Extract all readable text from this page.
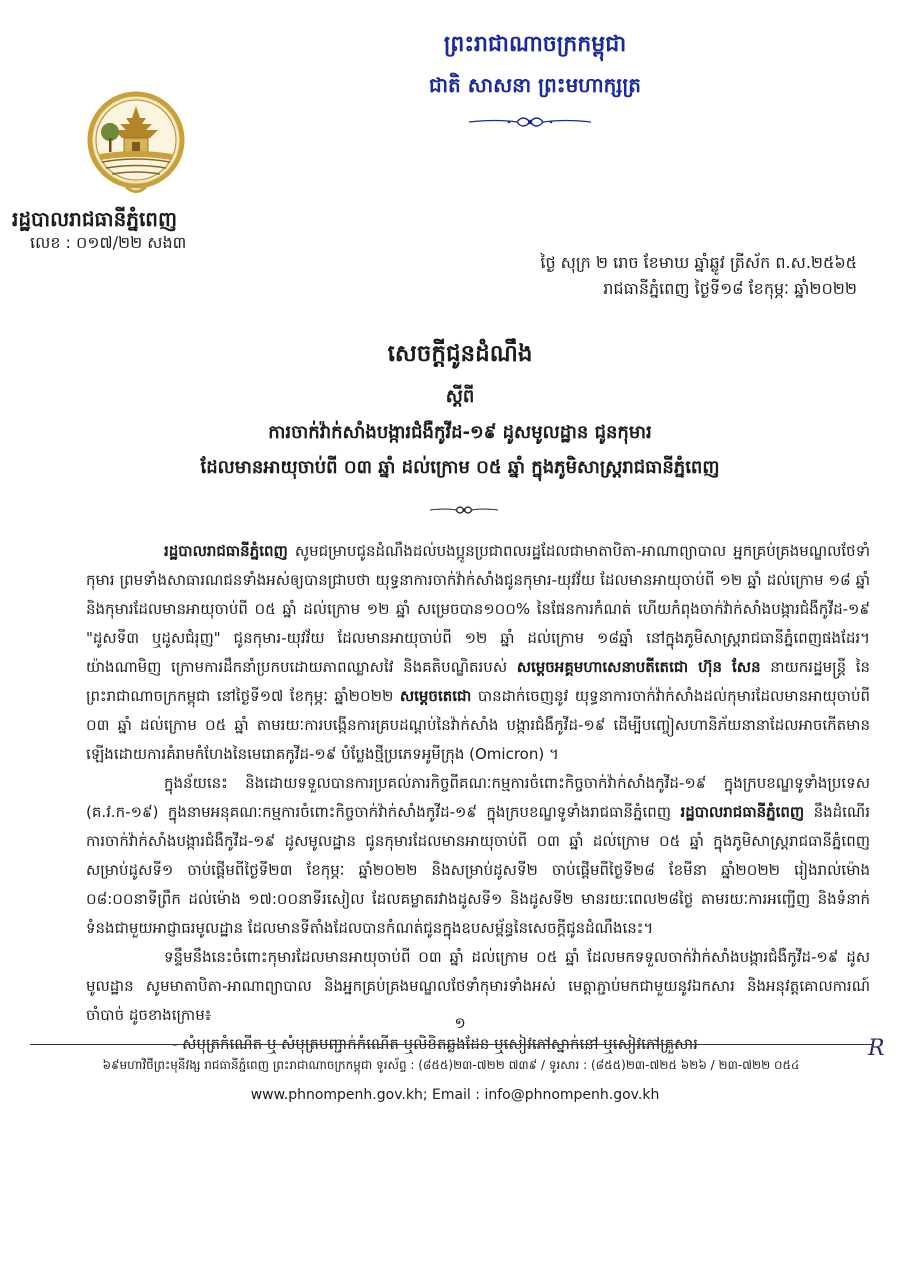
ព្រះរាជាណាចក្រកម្ពុជា
ជាតិ សាសនា ព្រះមហាក្សត្រ
រដ្ឋបាលរាជធានីភ្នំពេញ
លេខ : ០១៧/២២ សង៣
ថ្ងៃ សុក្រ ២ រោច ខែមាឃ ឆ្នាំឆ្លូវ ត្រីស័ក ព.ស.២៥៦៥
រាជធានីភ្នំពេញ ថ្ងៃទី១៨ ខែកុម្ភៈ ឆ្នាំ២០២២
សេចក្តីជូនដំណឹង
ស្តីពី
ការចាក់វ៉ាក់សាំងបង្ការជំងឺកូវីដ-១៩ ដូសមូលដ្ឋាន ជូនកុមារ
ដែលមានអាយុចាប់ពី ០៣ ឆ្នាំ ដល់ក្រោម ០៥ ឆ្នាំ ក្នុងភូមិសាស្ត្ររាជធានីភ្នំពេញ

រដ្ឋបាលរាជធានីភ្នំពេញ សូមជម្រាបជូនដំណឹងដល់បងប្អូនប្រជាពលរដ្ឋដែលជាមាតាបិតា-អាណាព្យាបាល អ្នកគ្រប់គ្រងមណ្ឌលថែទាំកុមារ ព្រមទាំងសាធារណជនទាំងអស់ឲ្យបានជ្រាបថា យុទ្ធនាការចាក់វ៉ាក់សាំងជូនកុមារ-យុវវ័យ ដែលមានអាយុចាប់ពី ១២ ឆ្នាំ ដល់ក្រោម ១៨ ឆ្នាំ និងកុមារដែលមានអាយុចាប់ពី ០៥ ឆ្នាំ ដល់ក្រោម ១២ ឆ្នាំ សម្រេចបាន១០០% នៃផែនការកំណត់ ហើយកំពុងចាក់វ៉ាក់សាំងបង្ការជំងឺកូវីដ-១៩ "ដូសទី៣ ឬដូសជំរុញ" ជូនកុមារ-យុវវ័យ ដែលមានអាយុចាប់ពី ១២ ឆ្នាំ ដល់ក្រោម ១៨ឆ្នាំ នៅក្នុងភូមិសាស្ត្ររាជធានីភ្នំពេញផងដែរ។ យ៉ាងណាមិញ ក្រោមការដឹកនាំប្រកបដោយភាពឈ្លាសវៃ និងគតិបណ្ឌិតរបស់ សម្តេចអគ្គមហាសេនាបតីតេជោ ហ៊ុន សែន នាយករដ្ឋមន្ត្រី នៃព្រះរាជាណាចក្រកម្ពុជា នៅថ្ងៃទី១៧ ខែកុម្ភៈ ឆ្នាំ២០២២ សម្តេចតេជោ បានដាក់ចេញនូវ យុទ្ធនាការចាក់វ៉ាក់សាំងដល់កុមារដែលមានអាយុចាប់ពី ០៣ ឆ្នាំ ដល់ក្រោម ០៥ ឆ្នាំ តាមរយៈការបង្កើនការគ្របដណ្តប់នៃវ៉ាក់សាំង បង្ការជំងឺកូវីដ-១៩ ដើម្បីបញ្ចៀសហានិភ័យនានាដែលអាចកើតមានឡើងដោយការគំរាមកំហែងនៃមេរោគកូវីដ-១៩ បំប្លែងថ្មីប្រភេទអូមីក្រុង (Omicron) ។

ក្នុងន័យនេះ និងដោយទទួលបានការប្រគល់ភារកិច្ចពីគណៈកម្មការចំពោះកិច្ចចាក់វ៉ាក់សាំងកូវីដ-១៩ ក្នុងក្របខណ្ឌទូទាំងប្រទេស (គ.វ.ក-១៩) ក្នុងនាមអនុគណៈកម្មការចំពោះកិច្ចចាក់វ៉ាក់សាំងកូវីដ-១៩ ក្នុងក្របខណ្ឌទូទាំងរាជធានីភ្នំពេញ រដ្ឋបាលរាជធានីភ្នំពេញ នឹងដំណើរការចាក់វ៉ាក់សាំងបង្ការជំងឺកូវីដ-១៩ ដូសមូលដ្ឋាន ជូនកុមារដែលមានអាយុចាប់ពី ០៣ ឆ្នាំ ដល់ក្រោម ០៥ ឆ្នាំ ក្នុងភូមិសាស្ត្ររាជធានីភ្នំពេញ សម្រាប់ដូសទី១ ចាប់ផ្តើមពីថ្ងៃទី២៣ ខែកុម្ភៈ ឆ្នាំ២០២២ និងសម្រាប់ដូសទី២ ចាប់ផ្តើមពីថ្ងៃទី២៨ ខែមីនា ឆ្នាំ២០២២ រៀងរាល់ម៉ោង ០៨:០០នាទីព្រឹក ដល់ម៉ោង ១៧:០០នាទីរសៀល ដែលគម្លាតរវាងដូសទី១ និងដូសទី២ មានរយៈពេល២៨ថ្ងៃ តាមរយៈការអញ្ជើញ និងទំនាក់ទំនងជាមួយអាជ្ញាធរមូលដ្ឋាន ដែលមានទីតាំងដែលបានកំណត់ជូនក្នុងឧបសម្ព័ន្ធនៃសេចក្តីជូនដំណឹងនេះ។

ទន្ទឹមនឹងនេះចំពោះកុមារដែលមានអាយុចាប់ពី ០៣ ឆ្នាំ ដល់ក្រោម ០៥ ឆ្នាំ ដែលមកទទួលចាក់វ៉ាក់សាំងបង្ការជំងឺកូវីដ-១៩ ដូសមូលដ្ឋាន សូមមាតាបិតា-អាណាព្យាបាល និងអ្នកគ្រប់គ្រងមណ្ឌលថែទាំកុមារទាំងអស់ មេត្តាភ្ជាប់មកជាមួយនូវឯកសារ និងអនុវត្តគោលការណ៍ចាំបាច់ ដូចខាងក្រោម៖

- សំបុត្រកំណើត ឬ សំបុត្របញ្ជាក់កំណើត ឬលិខិតឆ្លងដែន ឬសៀវភៅស្នាក់នៅ ឬសៀវភៅគ្រួសារ

១
R
៦៩មហាវិថីព្រះមុនីវង្ស រាជធានីភ្នំពេញ ព្រះរាជាណាចក្រកម្ពុជា ទូរស័ព្ទ : (៨៥៥)២៣-៧២២ ៧៣៩ / ទូរសារ : (៨៥៥)២៣-៧២៥ ៦២៦ / ២៣-៧២២ ០៥៤
www.phnompenh.gov.kh; Email : info@phnompenh.gov.kh
